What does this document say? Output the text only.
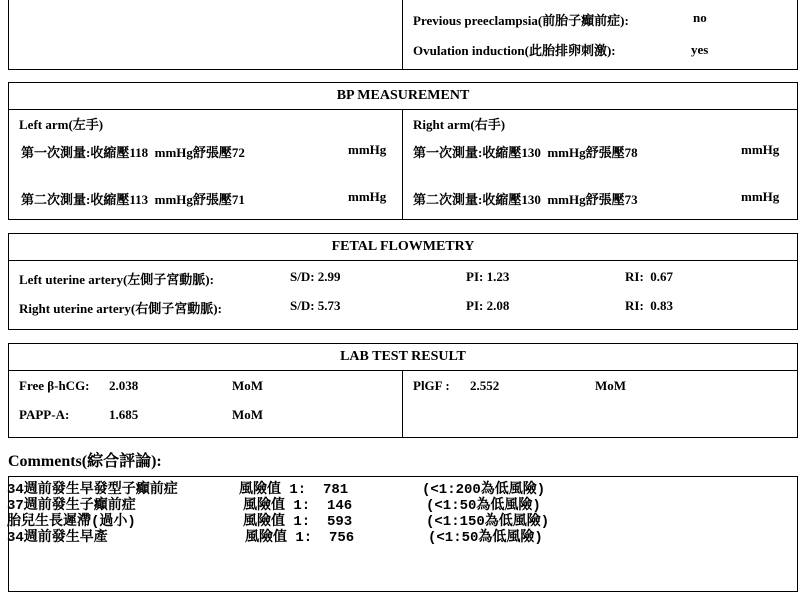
Previous preeclampsia(前胎子癲前症):	no
Ovulation induction(此胎排卵刺激):	yes
BP MEASUREMENT
Left arm(左手)
第一次測量:收縮壓118  mmHg舒張壓72	mmHg
第二次測量:收縮壓113  mmHg舒張壓71	mmHg
Right arm(右手)
第一次測量:收縮壓130  mmHg舒張壓78	mmHg
第二次測量:收縮壓130  mmHg舒張壓73	mmHg
FETAL FLOWMETRY
Left uterine artery(左側子宮動脈):	S/D: 2.99	PI: 1.23	RI:  0.67
Right uterine artery(右側子宮動脈):	S/D: 5.73	PI: 2.08	RI:  0.83
LAB TEST RESULT
Free β-hCG: 2.038	MoM
PAPP-A:	1.685	MoM
PlGF : 2.552	MoM
Comments(綜合評論):
34週前發生早發型子癲前症	風險值 1:  781	(<1:200為低風險)
37週前發生子癲前症	風險值 1:  146	(<1:50為低風險)
胎兒生長遲滯(過小)	風險值 1:  593	(<1:150為低風險)
34週前發生早產	風險值 1:  756	(<1:50為低風險)
